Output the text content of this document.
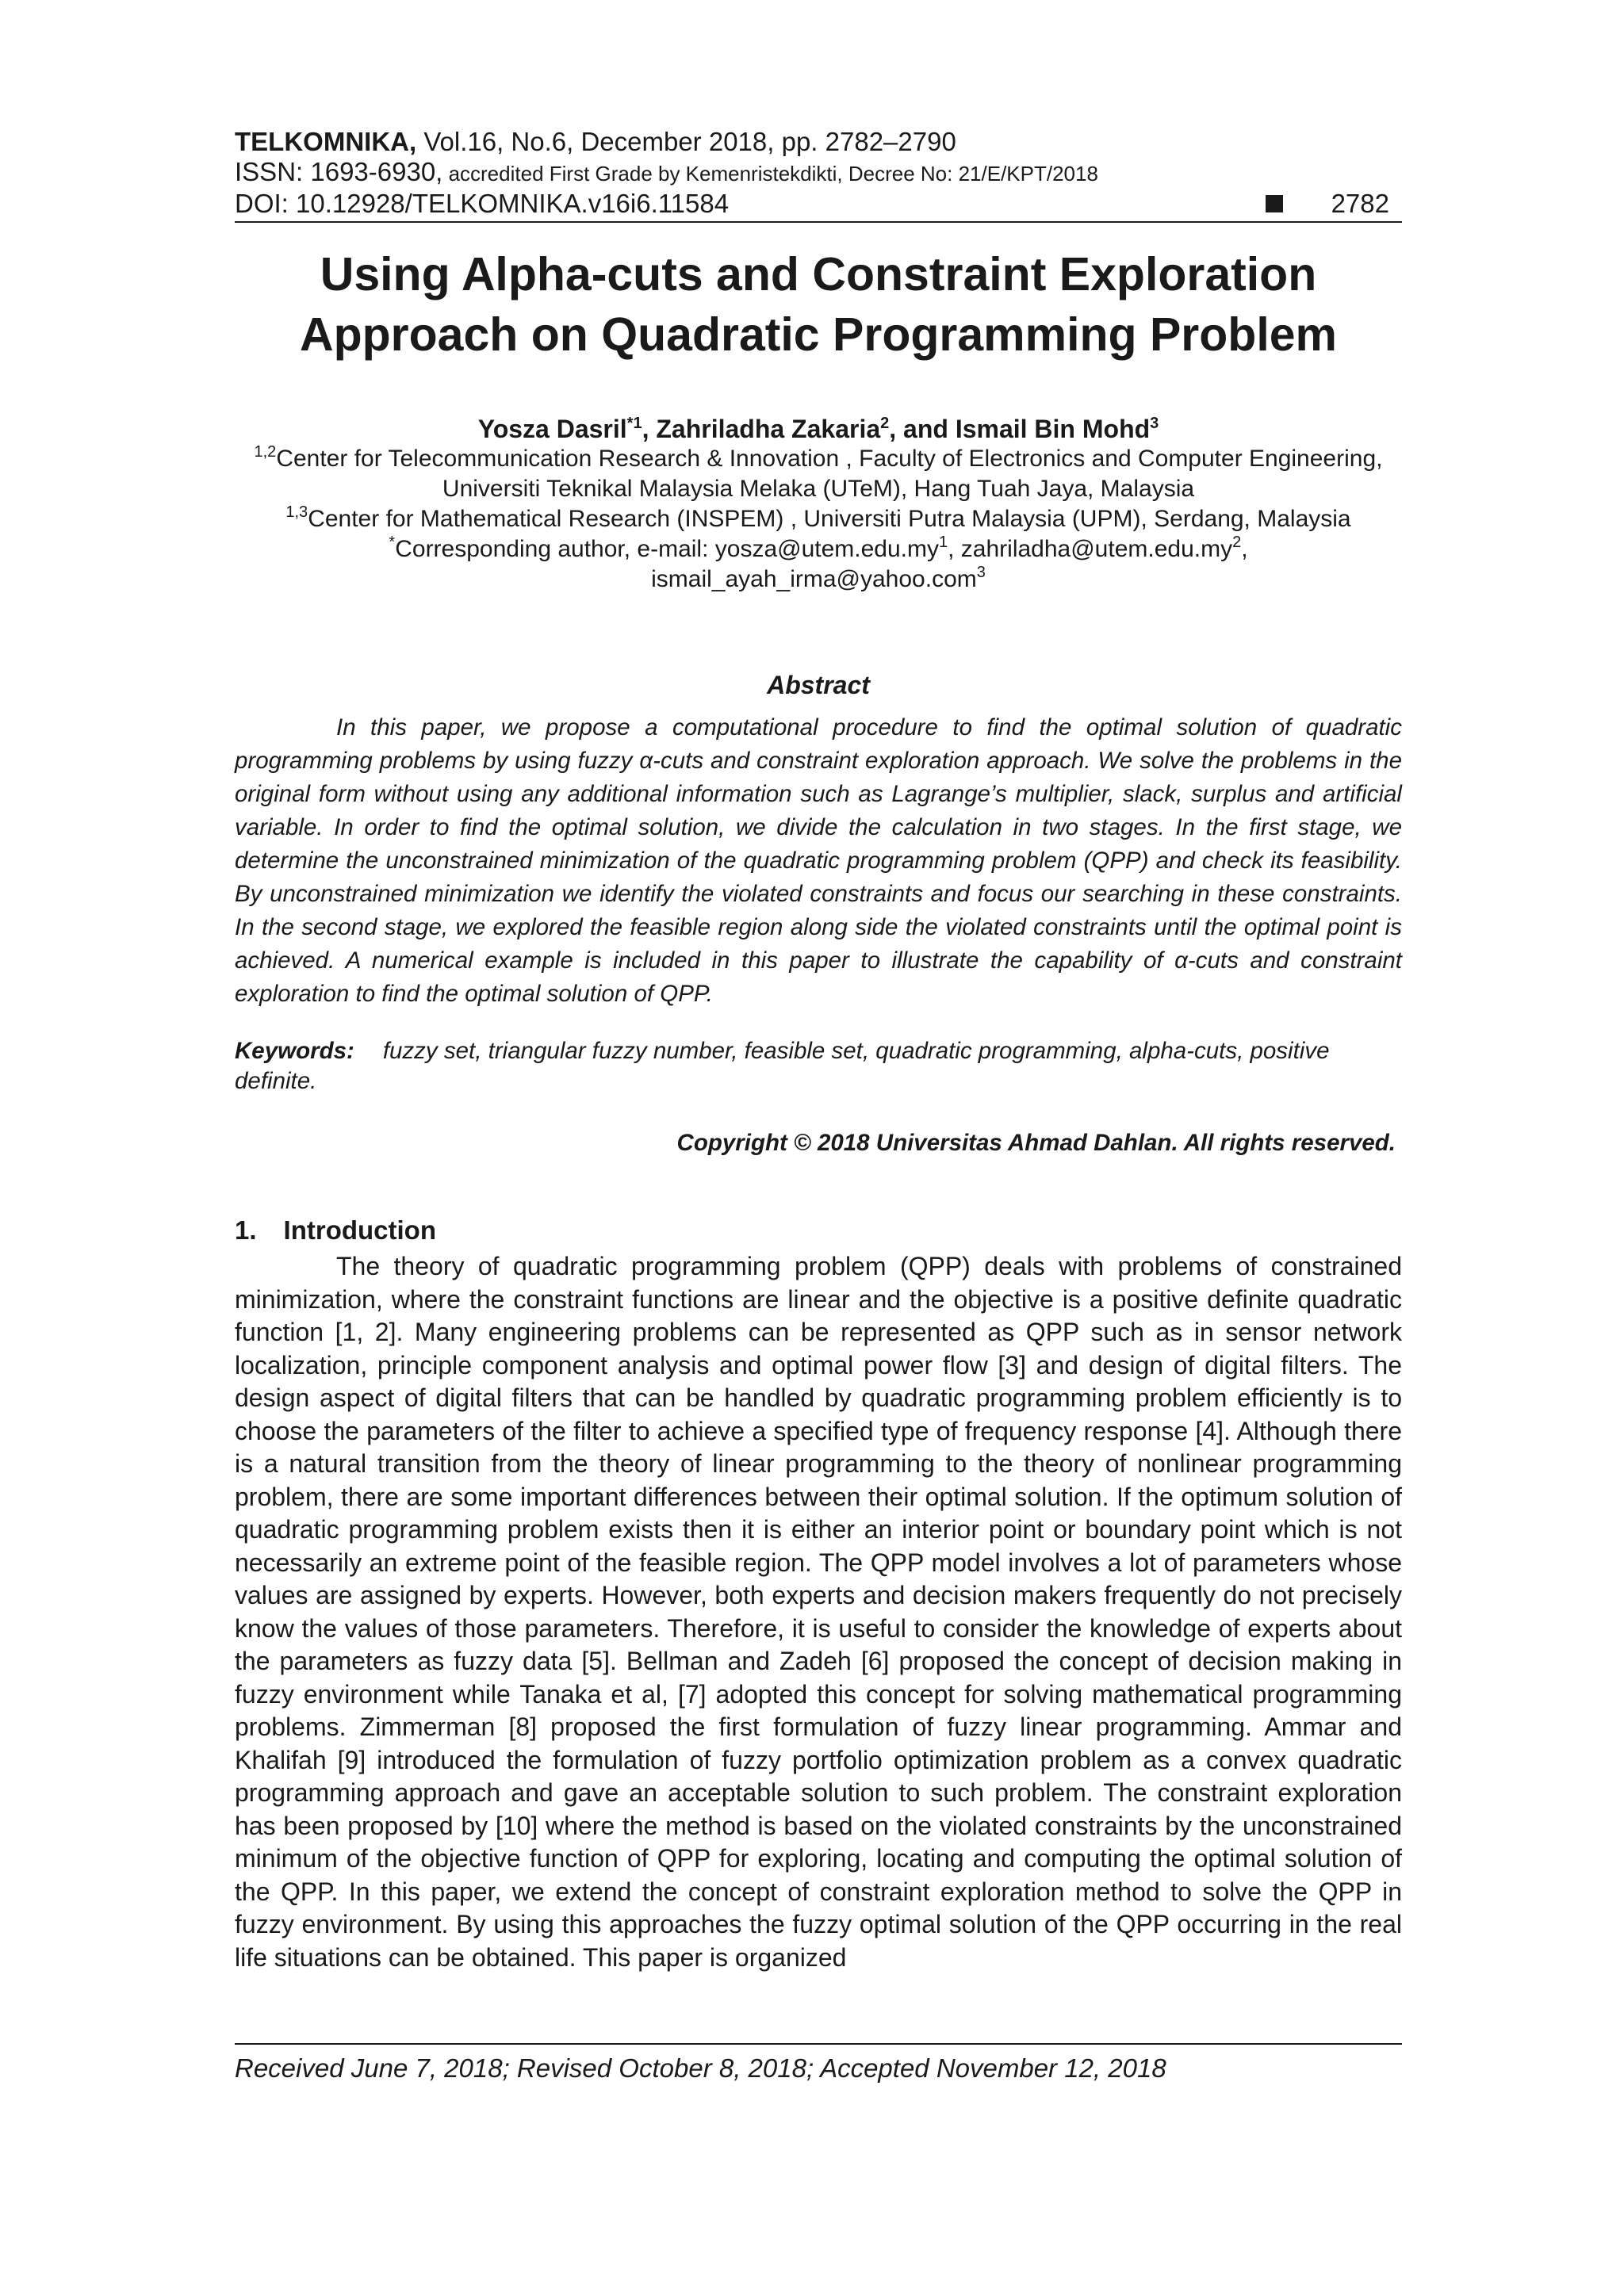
TELKOMNIKA, Vol.16, No.6, December 2018, pp. 2782–2790
ISSN: 1693-6930, accredited First Grade by Kemenristekdikti, Decree No: 21/E/KPT/2018
DOI: 10.12928/TELKOMNIKA.v16i6.11584	2782
Using Alpha-cuts and Constraint Exploration
Approach on Quadratic Programming Problem
Yosza Dasril$^{*1}$, Zahriladha Zakaria$^2$, and Ismail Bin Mohd$^3$
$^{1,2}$Center for Telecommunication Research & Innovation , Faculty of Electronics and Computer Engineering,
Universiti Teknikal Malaysia Melaka (UTeM), Hang Tuah Jaya, Malaysia
$^{1,3}$Center for Mathematical Research (INSPEM) , Universiti Putra Malaysia (UPM), Serdang, Malaysia
*Corresponding author, e-mail: $yosza@utem.edu.my^1$, $zahriladha@utem.edu.my^2$,
ismail_ayah_irma@yahoo.com$^3$
Abstract

In this paper, we propose a computational procedure to find the optimal solution of quadratic programming problems by using fuzzy α-cuts and constraint exploration approach. We solve the problems in the original form without using any additional information such as Lagrange’s multiplier, slack, surplus and artificial variable. In order to find the optimal solution, we divide the calculation in two stages. In the first stage, we determine the unconstrained minimization of the quadratic programming problem (QPP) and check its feasibility. By unconstrained minimization we identify the violated constraints and focus our searching in these constraints. In the second stage, we explored the feasible region along side the violated constraints until the optimal point is achieved. A numerical example is included in this paper to illustrate the capability of α-cuts and constraint exploration to find the optimal solution of QPP.

Keywords: fuzzy set, triangular fuzzy number, feasible set, quadratic programming, alpha-cuts, positive definite.
Copyright © 2018 Universitas Ahmad Dahlan. All rights reserved.
1. Introduction

The theory of quadratic programming problem (QPP) deals with problems of constrained minimization, where the constraint functions are linear and the objective is a positive definite quadratic function [1, 2]. Many engineering problems can be represented as QPP such as in sensor network localization, principle component analysis and optimal power flow [3] and design of digital filters. The design aspect of digital filters that can be handled by quadratic programming problem efficiently is to choose the parameters of the filter to achieve a specified type of frequency response [4]. Although there is a natural transition from the theory of linear programming to the theory of nonlinear programming problem, there are some important differences between their optimal solution. If the optimum solution of quadratic programming problem exists then it is either an interior point or boundary point which is not necessarily an extreme point of the feasible region. The QPP model involves a lot of parameters whose values are assigned by experts. However, both experts and decision makers frequently do not precisely know the values of those parameters. Therefore, it is useful to consider the knowledge of experts about the parameters as fuzzy data [5]. Bellman and Zadeh [6] proposed the concept of decision making in fuzzy environment while Tanaka et al, [7] adopted this concept for solving mathematical programming problems. Zimmerman [8] proposed the first formulation of fuzzy linear programming. Ammar and Khalifah [9] introduced the formulation of fuzzy portfolio optimization problem as a convex quadratic programming approach and gave an acceptable solution to such problem. The constraint exploration has been proposed by [10] where the method is based on the violated constraints by the unconstrained minimum of the objective function of QPP for exploring, locating and computing the optimal solution of the QPP. In this paper, we extend the concept of constraint exploration method to solve the QPP in fuzzy environment. By using this approaches the fuzzy optimal solution of the QPP occurring in the real life situations can be obtained. This paper is organized

Received June 7, 2018; Revised October 8, 2018; Accepted November 12, 2018
